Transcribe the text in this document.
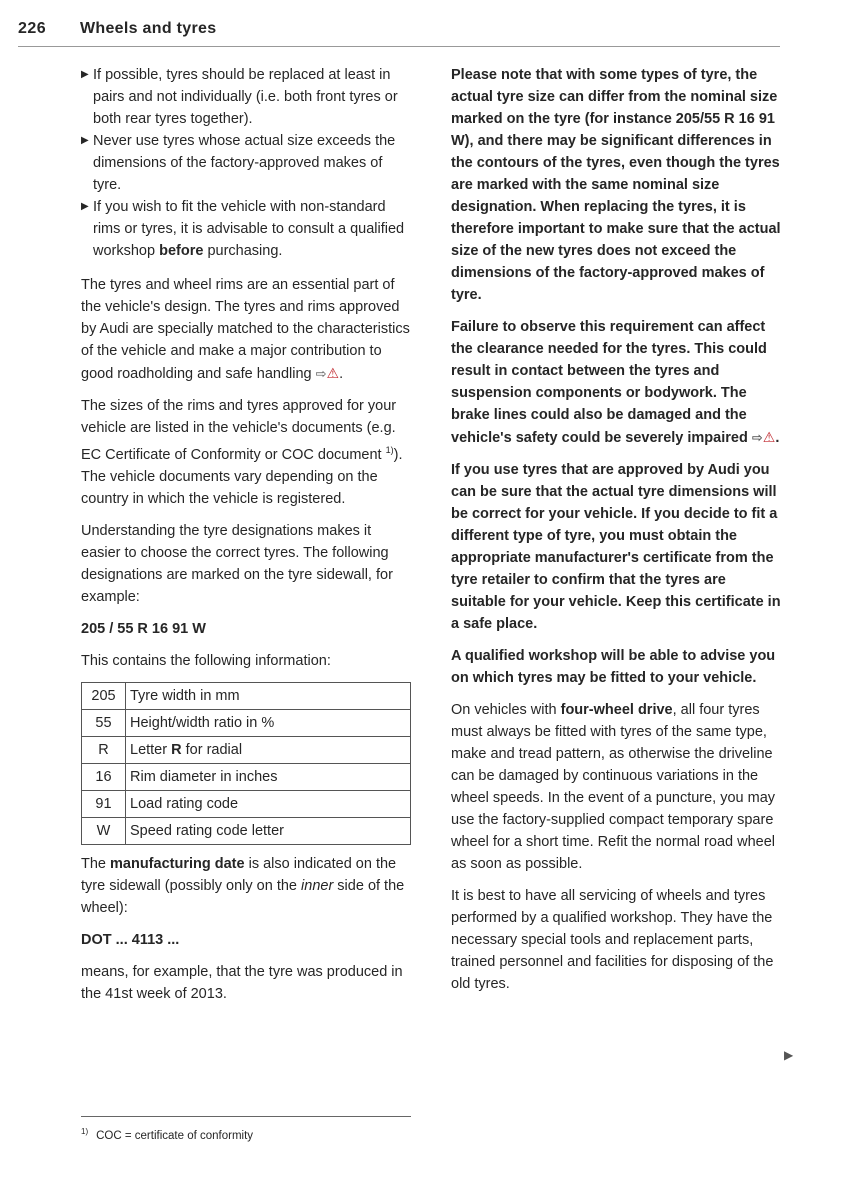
226 Wheels and tyres
▶ If possible, tyres should be replaced at least in pairs and not individually (i.e. both front tyres or both rear tyres together).
▶ Never use tyres whose actual size exceeds the dimensions of the factory-approved makes of tyre.
▶ If you wish to fit the vehicle with non-standard rims or tyres, it is advisable to consult a qualified workshop before purchasing.

The tyres and wheel rims are an essential part of the vehicle's design. The tyres and rims approved by Audi are specially matched to the characteristics of the vehicle and make a major contribution to good roadholding and safe handling ⇨⚠.

The sizes of the rims and tyres approved for your vehicle are listed in the vehicle's documents (e.g. EC Certificate of Conformity or COC document $^{1)}$). The vehicle documents vary depending on the country in which the vehicle is registered.

Understanding the tyre designations makes it easier to choose the correct tyres. The following designations are marked on the tyre sidewall, for example:

205 / 55 R 16 91 W

This contains the following information:

205	Tyre width in mm
55	Height/width ratio in %
R	Letter R for radial
16	Rim diameter in inches
91	Load rating code
W	Speed rating code letter

The manufacturing date is also indicated on the tyre sidewall (possibly only on the inner side of the wheel):

DOT ... 4113 ...

means, for example, that the tyre was produced in the 41st week of 2013.

Please note that with some types of tyre, the actual tyre size can differ from the nominal size marked on the tyre (for instance 205/55 R 16 91 W), and there may be significant differences in the contours of the tyres, even though the tyres are marked with the same nominal size designation. When replacing the tyres, it is therefore important to make sure that the actual size of the new tyres does not exceed the dimensions of the factory-approved makes of tyre.

Failure to observe this requirement can affect the clearance needed for the tyres. This could result in contact between the tyres and suspension components or bodywork. The brake lines could also be damaged and the vehicle's safety could be severely impaired ⇨⚠.

If you use tyres that are approved by Audi you can be sure that the actual tyre dimensions will be correct for your vehicle. If you decide to fit a different type of tyre, you must obtain the appropriate manufacturer's certificate from the tyre retailer to confirm that the tyres are suitable for your vehicle. Keep this certificate in a safe place.

A qualified workshop will be able to advise you on which tyres may be fitted to your vehicle.

On vehicles with four-wheel drive, all four tyres must always be fitted with tyres of the same type, make and tread pattern, as otherwise the driveline can be damaged by continuous variations in the wheel speeds. In the event of a puncture, you may use the factory-supplied compact temporary spare wheel for a short time. Refit the normal road wheel as soon as possible.

It is best to have all servicing of wheels and tyres performed by a qualified workshop. They have the necessary special tools and replacement parts, trained personnel and facilities for disposing of the old tyres.

▶
$^{1)}$ COC = certificate of conformity
